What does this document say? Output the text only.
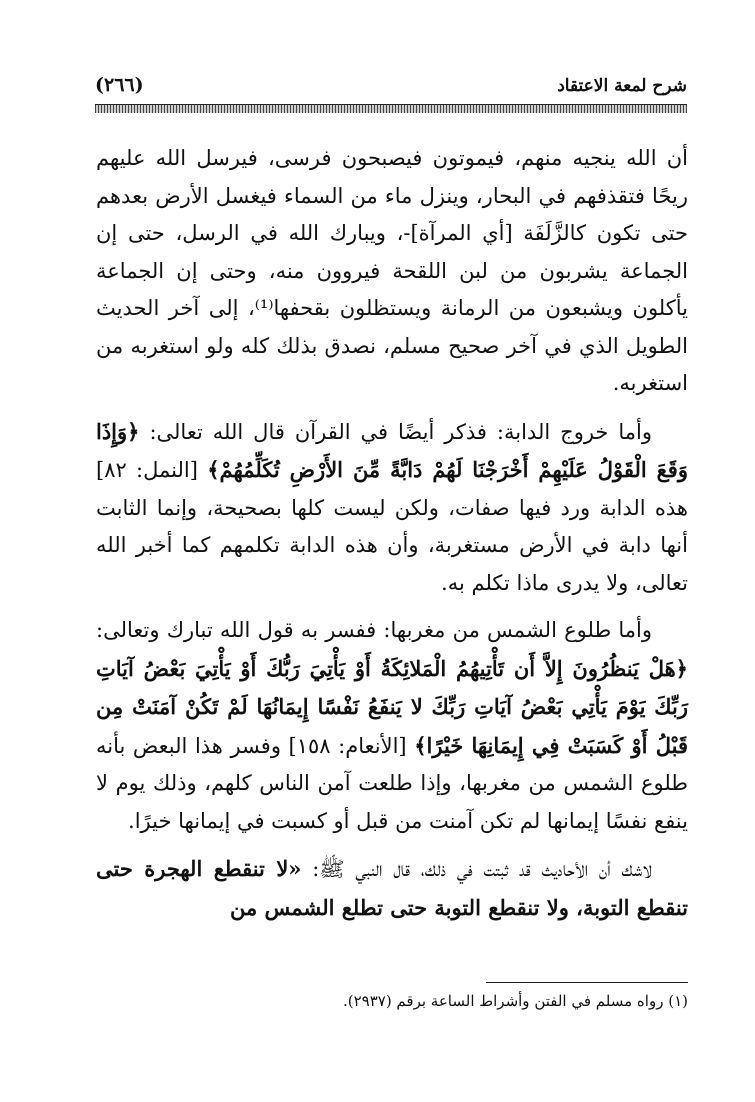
شرح لمعة الاعتقاد
(٢٦٦)

أن الله ينجيه منهم، فيموتون فيصبحون فرسى، فيرسل الله عليهم ريحًا فتقذفهم في البحار، وينزل ماء من السماء فيغسل الأرض بعدهم حتى تكون كالزَّلَفَة [أي المرآة]-، ويبارك الله في الرسل، حتى إن الجماعة يشربون من لبن اللقحة فيروون منه، وحتى إن الجماعة يأكلون ويشبعون من الرمانة ويستظلون بقحفها⁽¹⁾، إلى آخر الحديث الطويل الذي في آخر صحيح مسلم، نصدق بذلك كله ولو استغربه من استغربه.

وأما خروج الدابة: فذكر أيضًا في القرآن قال الله تعالى: ﴿وَإِذَا وَقَعَ الْقَوْلُ عَلَيْهِمْ أَخْرَجْنَا لَهُمْ دَابَّةً مِّنَ الأَرْضِ تُكَلِّمُهُمْ﴾ [النمل: ٨٢] هذه الدابة ورد فيها صفات، ولكن ليست كلها بصحيحة، وإنما الثابت أنها دابة في الأرض مستغربة، وأن هذه الدابة تكلمهم كما أخبر الله تعالى، ولا يدرى ماذا تكلم به.

وأما طلوع الشمس من مغربها: ففسر به قول الله تبارك وتعالى: ﴿هَلْ يَنظُرُونَ إِلاَّ أَن تَأْتِيهُمُ الْمَلائِكَةُ أَوْ يَأْتِيَ رَبُّكَ أَوْ يَأْتِيَ بَعْضُ آيَاتِ رَبِّكَ يَوْمَ يَأْتِي بَعْضُ آيَاتِ رَبِّكَ لا يَنفَعُ نَفْسًا إِيمَانُهَا لَمْ تَكُنْ آمَنَتْ مِن قَبْلُ أَوْ كَسَبَتْ فِي إِيمَانِهَا خَيْرًا﴾ [الأنعام: ١٥٨] وفسر هذا البعض بأنه طلوع الشمس من مغربها، وإذا طلعت آمن الناس كلهم، وذلك يوم لا ينفع نفسًا إيمانها لم تكن آمنت من قبل أو كسبت في إيمانها خيرًا.

لاشك أن الأحاديث قد ثبتت في ذلك، قال النبي ﷺ: «لا تنقطع الهجرة حتى تنقطع التوبة، ولا تنقطع التوبة حتى تطلع الشمس من

(١) رواه مسلم في الفتن وأشراط الساعة برقم (٢٩٣٧).
